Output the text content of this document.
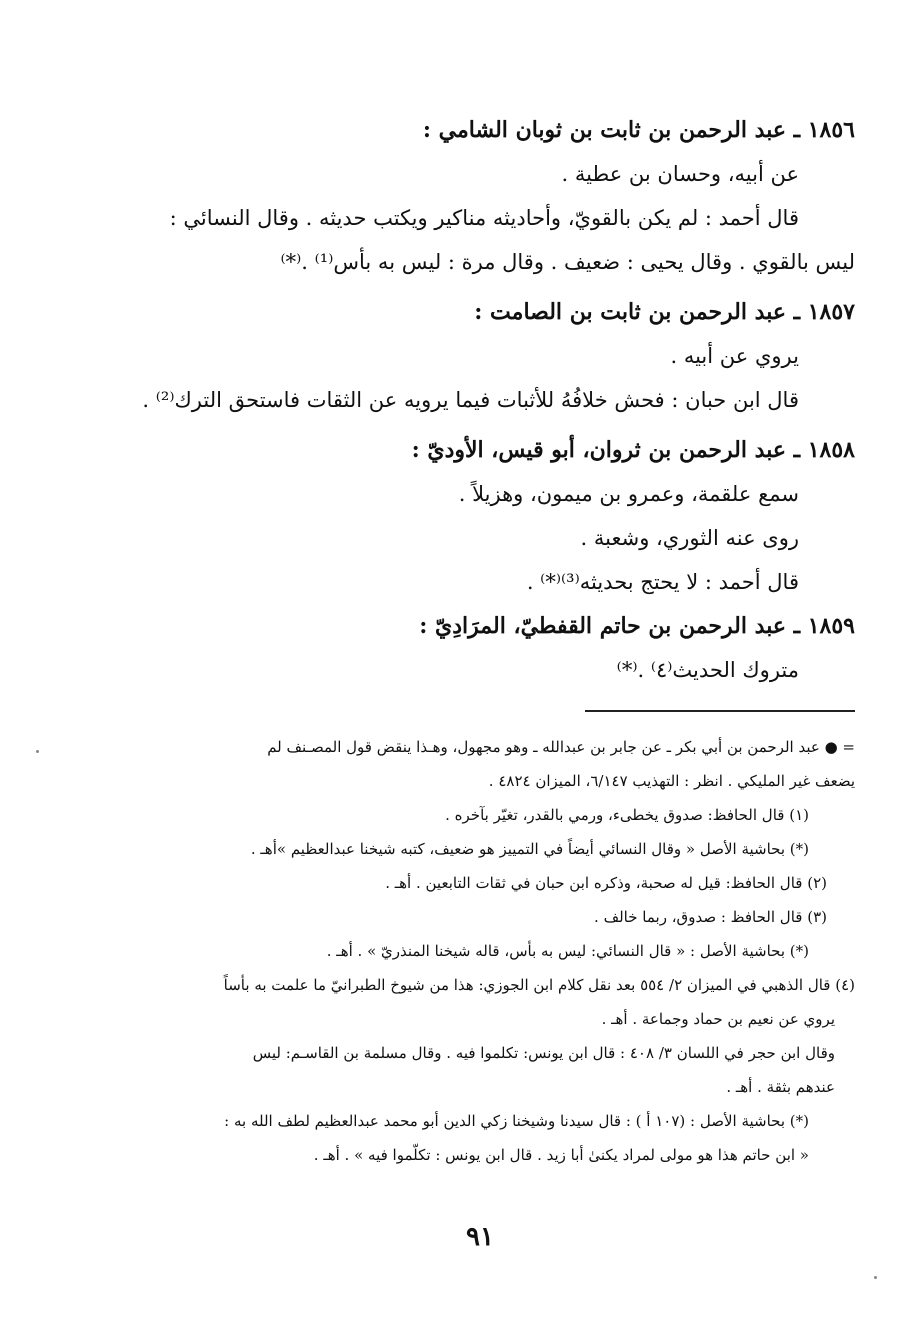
١٨٥٦ ـ عبد الرحمن بن ثابت بن ثوبان الشامي :

عن أبيه، وحسان بن عطية .

قال أحمد : لم يكن بالقويّ، وأحاديثه مناكير ويكتب حديثه . وقال النسائي :

ليس بالقوي . وقال يحيى : ضعيف . وقال مرة : ليس به بأس⁽¹⁾ .⁽*⁾

١٨٥٧ ـ عبد الرحمن بن ثابت بن الصامت :

يروي عن أبيه .

قال ابن حبان : فحش خلافُهُ للأثبات فيما يرويه عن الثقات فاستحق الترك⁽²⁾ .

١٨٥٨ ـ عبد الرحمن بن ثروان، أبو قيس، الأوديّ :

سمع علقمة، وعمرو بن ميمون، وهزيلاً .

روى عنه الثوري، وشعبة .

قال أحمد : لا يحتج بحديثه⁽³⁾⁽*⁾ .

١٨٥٩ ـ عبد الرحمن بن حاتم القفطيّ، المرَادِيّ :

متروك الحديث⁽٤⁾ .⁽*⁾

= ● عبد الرحمن بن أبي بكر ـ عن جابر بن عبدالله ـ وهو مجهول، وهـذا ينقض قول المصـنف لم

يضعف غير المليكي . انظر : التهذيب ٦/١٤٧، الميزان ٤٨٢٤ .

(١) قال الحافظ: صدوق يخطىء، ورمي بالقدر، تغيّر بآخره .

(*) بحاشية الأصل « وقال النسائي أيضاً في التمييز هو ضعيف، كتبه شيخنا عبدالعظيم »أهـ .

(٢) قال الحافظ: قيل له صحبة، وذكره ابن حبان في ثقات التابعين . أهـ .

(٣) قال الحافظ : صدوق، ربما خالف .

(*) بحاشية الأصل : « قال النسائي: ليس به بأس، قاله شيخنا المنذريّ » . أهـ .

(٤) قال الذهبي في الميزان ٢/ ٥٥٤ بعد نقل كلام ابن الجوزي: هذا من شيوخ الطبرانيّ ما علمت به بأساً

يروي عن نعيم بن حماد وجماعة . أهـ .

وقال ابن حجر في اللسان ٣/ ٤٠٨ : قال ابن يونس: تكلموا فيه . وقال مسلمة بن القاسـم: ليس

عندهم بثقة . أهـ .

(*) بحاشية الأصل : (١٠٧ أ ) : قال سيدنا وشيخنا زكي الدين أبو محمد عبدالعظيم لطف الله به :

« ابن حاتم هذا هو مولى لمراد يكنىٰ أبا زيد . قال ابن يونس : تكلّموا فيه » . أهـ .

٩١
